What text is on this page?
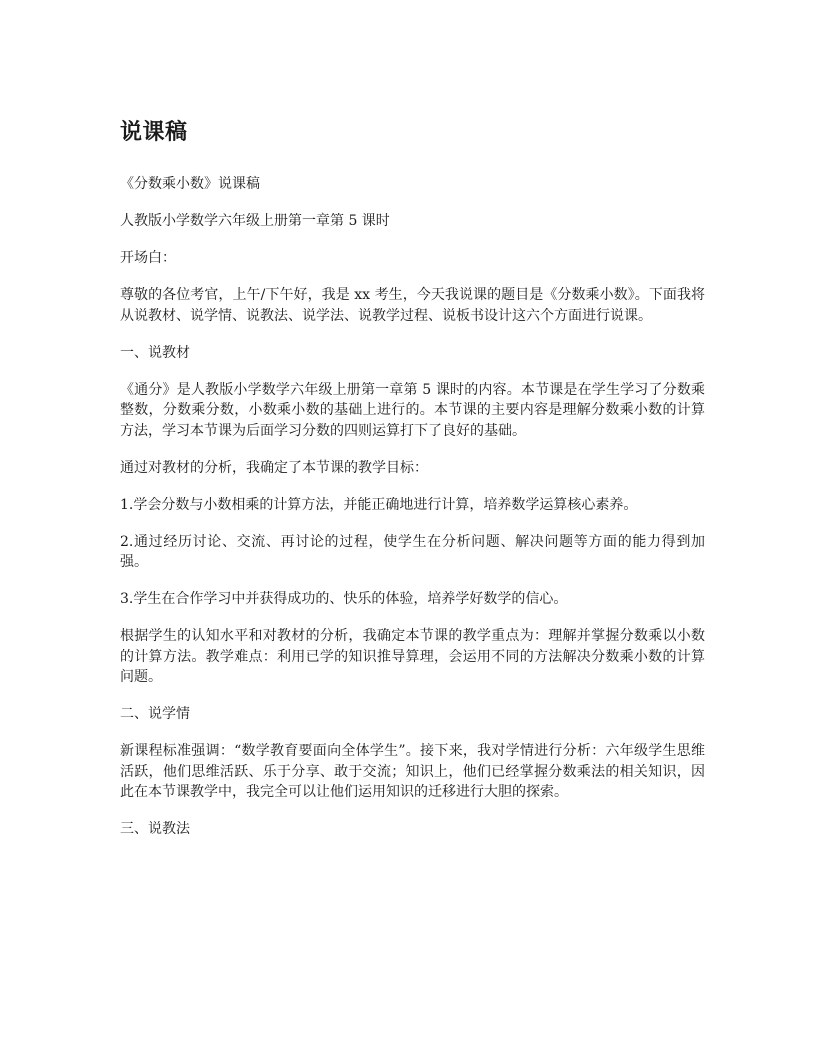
说课稿

《分数乘小数》说课稿

人教版小学数学六年级上册第一章第 5 课时

开场白：

尊敬的各位考官，上午/下午好，我是 xx 考生，今天我说课的题目是《分数乘小数》。下面我将从说教材、说学情、说教法、说学法、说教学过程、说板书设计这六个方面进行说课。

一、说教材

《通分》是人教版小学数学六年级上册第一章第 5 课时的内容。本节课是在学生学习了分数乘整数，分数乘分数，小数乘小数的基础上进行的。本节课的主要内容是理解分数乘小数的计算方法，学习本节课为后面学习分数的四则运算打下了良好的基础。

通过对教材的分析，我确定了本节课的教学目标：

1.学会分数与小数相乘的计算方法，并能正确地进行计算，培养数学运算核心素养。

2.通过经历讨论、交流、再讨论的过程，使学生在分析问题、解决问题等方面的能力得到加强。

3.学生在合作学习中并获得成功的、快乐的体验，培养学好数学的信心。

根据学生的认知水平和对教材的分析，我确定本节课的教学重点为：理解并掌握分数乘以小数的计算方法。教学难点：利用已学的知识推导算理，会运用不同的方法解决分数乘小数的计算问题。

二、说学情

新课程标准强调：“数学教育要面向全体学生”。接下来，我对学情进行分析：六年级学生思维活跃，他们思维活跃、乐于分享、敢于交流；知识上，他们已经掌握分数乘法的相关知识，因此在本节课教学中，我完全可以让他们运用知识的迁移进行大胆的探索。

三、说教法
